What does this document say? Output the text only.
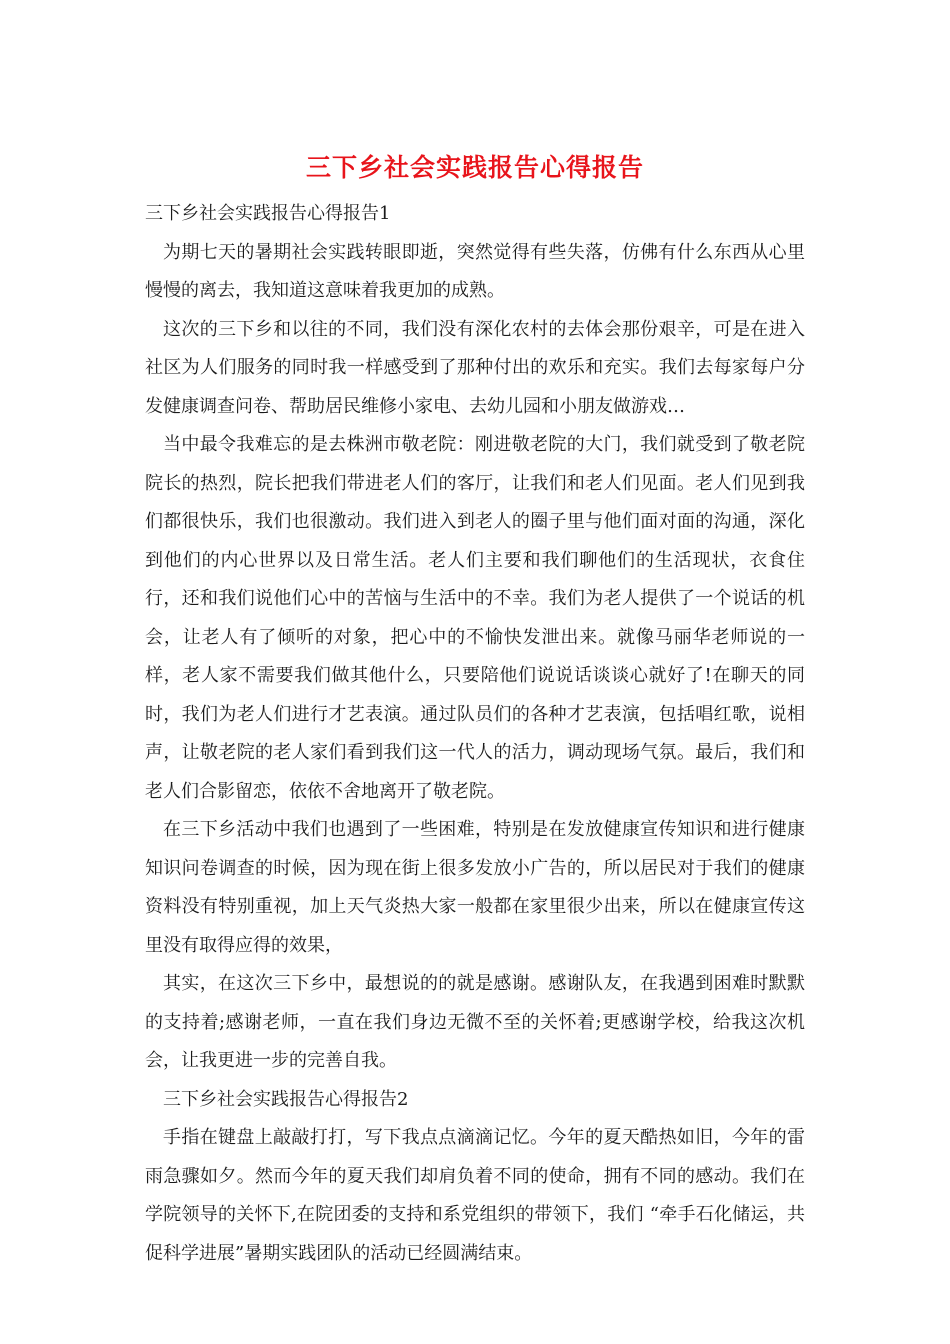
三下乡社会实践报告心得报告

三下乡社会实践报告心得报告1

为期七天的暑期社会实践转眼即逝，突然觉得有些失落，仿佛有什么东西从心里慢慢的离去，我知道这意味着我更加的成熟。

这次的三下乡和以往的不同，我们没有深化农村的去体会那份艰辛，可是在进入社区为人们服务的同时我一样感受到了那种付出的欢乐和充实。我们去每家每户分发健康调查问卷、帮助居民维修小家电、去幼儿园和小朋友做游戏…

当中最令我难忘的是去株洲市敬老院：刚进敬老院的大门，我们就受到了敬老院院长的热烈，院长把我们带进老人们的客厅，让我们和老人们见面。老人们见到我们都很快乐，我们也很激动。我们进入到老人的圈子里与他们面对面的沟通，深化到他们的内心世界以及日常生活。老人们主要和我们聊他们的生活现状，衣食住行，还和我们说他们心中的苦恼与生活中的不幸。我们为老人提供了一个说话的机会，让老人有了倾听的对象，把心中的不愉快发泄出来。就像马丽华老师说的一样，老人家不需要我们做其他什么，只要陪他们说说话谈谈心就好了!在聊天的同时，我们为老人们进行才艺表演。通过队员们的各种才艺表演，包括唱红歌，说相声，让敬老院的老人家们看到我们这一代人的活力，调动现场气氛。最后，我们和老人们合影留恋，依依不舍地离开了敬老院。

在三下乡活动中我们也遇到了一些困难，特别是在发放健康宣传知识和进行健康知识问卷调查的时候，因为现在街上很多发放小广告的，所以居民对于我们的健康资料没有特别重视，加上天气炎热大家一般都在家里很少出来，所以在健康宣传这里没有取得应得的效果，

其实，在这次三下乡中，最想说的的就是感谢。感谢队友，在我遇到困难时默默的支持着;感谢老师，一直在我们身边无微不至的关怀着;更感谢学校，给我这次机会，让我更进一步的完善自我。

三下乡社会实践报告心得报告2

手指在键盘上敲敲打打，写下我点点滴滴记忆。今年的夏天酷热如旧，今年的雷雨急骤如夕。然而今年的夏天我们却肩负着不同的使命，拥有不同的感动。我们在学院领导的关怀下,在院团委的支持和系党组织的带领下，我们 “牵手石化储运，共促科学进展”暑期实践团队的活动已经圆满结束。
